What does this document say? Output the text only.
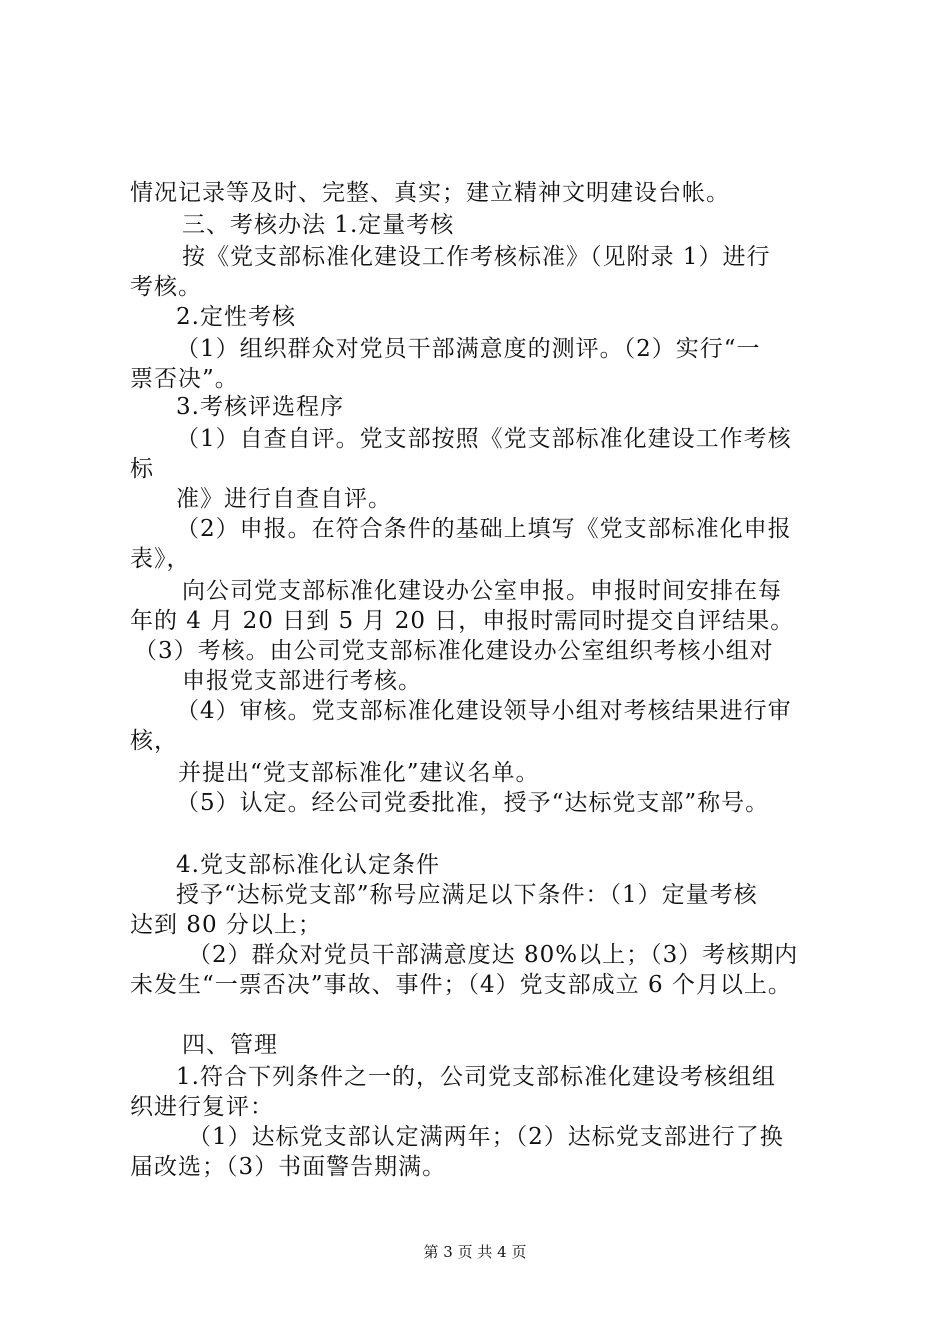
情况记录等及时、完整、真实；建立精神文明建设台帐。
三、考核办法 1.定量考核
按《党支部标准化建设工作考核标准》（见附录 1）进行
考核。
2.定性考核
（1）组织群众对党员干部满意度的测评。（2）实行“一
票否决”。
3.考核评选程序
（1）自查自评。党支部按照《党支部标准化建设工作考核
标
准》进行自查自评。
（2）申报。在符合条件的基础上填写《党支部标准化申报
表》，
向公司党支部标准化建设办公室申报。申报时间安排在每
年的 4 月 20 日到 5 月 20 日，申报时需同时提交自评结果。
（3）考核。由公司党支部标准化建设办公室组织考核小组对
申报党支部进行考核。
（4）审核。党支部标准化建设领导小组对考核结果进行审
核，
并提出“党支部标准化”建议名单。
（5）认定。经公司党委批准，授予“达标党支部”称号。
4.党支部标准化认定条件
授予“达标党支部”称号应满足以下条件：（1）定量考核
达到 80 分以上；
（2）群众对党员干部满意度达 80%以上；（3）考核期内
未发生“一票否决”事故、事件；（4）党支部成立 6 个月以上。
四、管理
1.符合下列条件之一的，公司党支部标准化建设考核组组
织进行复评：
（1）达标党支部认定满两年；（2）达标党支部进行了换
届改选；（3）书面警告期满。
第 3 页 共 4 页
